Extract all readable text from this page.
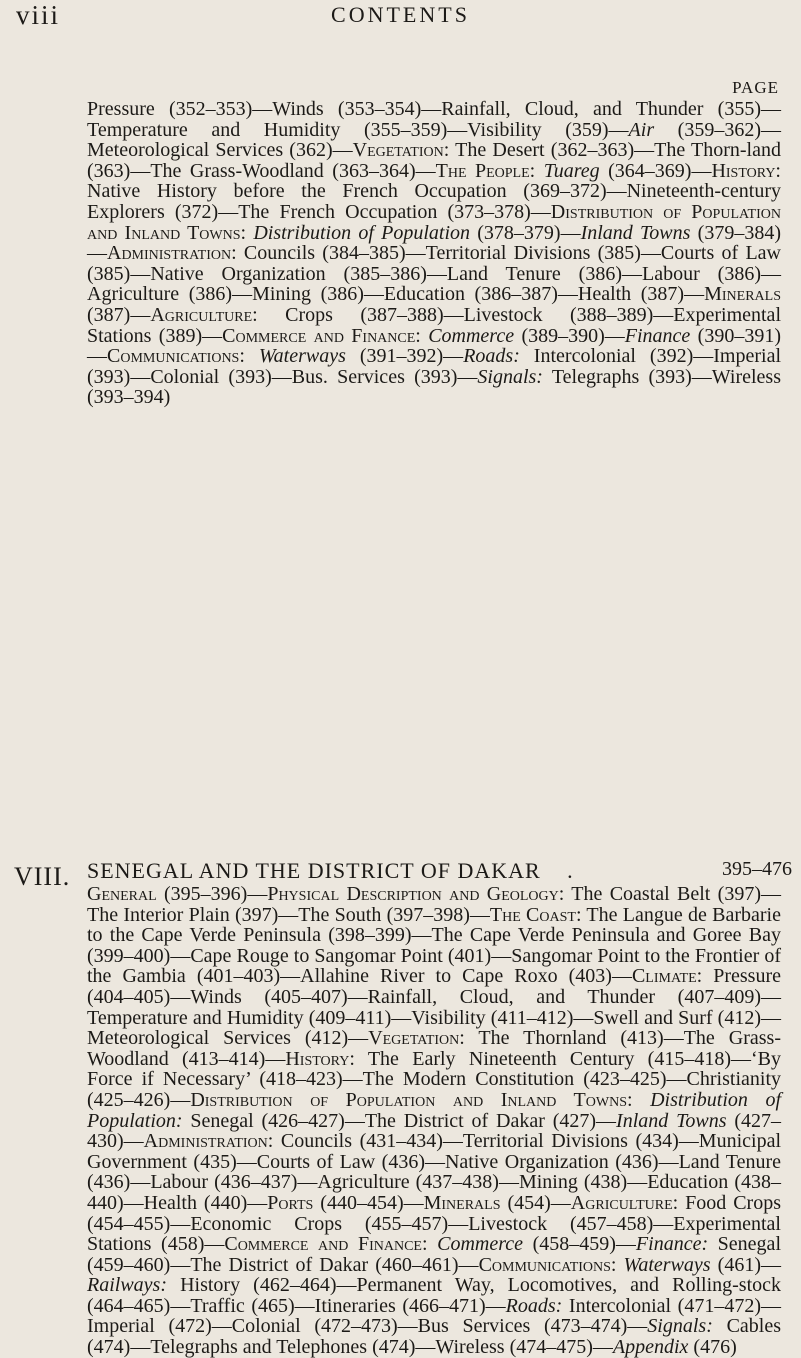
viii	CONTENTS
PAGE
Pressure (352–353)—Winds (353–354)—Rainfall, Cloud, and Thunder (355)—Temperature and Humidity (355–359)—Visibility (359)—Air (359–362)—Meteorological Services (362)—Vegetation: The Desert (362–363)—The Thorn-land (363)—The Grass-Woodland (363–364)—The People: Tuareg (364–369)—History: Native History before the French Occupation (369–372)—Nineteenth-century Explorers (372)—The French Occupation (373–378)—Distribution of Population and Inland Towns: Distribution of Population (378–379)—Inland Towns (379–384)—Administration: Councils (384–385)—Territorial Divisions (385)—Courts of Law (385)—Native Organization (385–386)—Land Tenure (386)—Labour (386)—Agriculture (386)—Mining (386)—Education (386–387)—Health (387)—Minerals (387)—Agriculture: Crops (387–388)—Livestock (388–389)—Experimental Stations (389)—Commerce and Finance: Commerce (389–390)—Finance (390–391)—Communications: Waterways (391–392)—Roads: Intercolonial (392)—Imperial (393)—Colonial (393)—Bus. Services (393)—Signals: Telegraphs (393)—Wireless (393–394)
VIII. SENEGAL AND THE DISTRICT OF DAKAR .	395–476
General (395–396)—Physical Description and Geology: The Coastal Belt (397)—The Interior Plain (397)—The South (397–398)—The Coast: The Langue de Barbarie to the Cape Verde Peninsula (398–399)—The Cape Verde Peninsula and Goree Bay (399–400)—Cape Rouge to Sangomar Point (401)—Sangomar Point to the Frontier of the Gambia (401–403)—Allahine River to Cape Roxo (403)—Climate: Pressure (404–405)—Winds (405–407)—Rainfall, Cloud, and Thunder (407–409)—Temperature and Humidity (409–411)—Visibility (411–412)—Swell and Surf (412)—Meteorological Services (412)—Vegetation: The Thornland (413)—The Grass-Woodland (413–414)—History: The Early Nineteenth Century (415–418)—‘By Force if Necessary’ (418–423)—The Modern Constitution (423–425)—Christianity (425–426)—Distribution of Population and Inland Towns: Distribution of Population: Senegal (426–427)—The District of Dakar (427)—Inland Towns (427–430)—Administration: Councils (431–434)—Territorial Divisions (434)—Municipal Government (435)—Courts of Law (436)—Native Organization (436)—Land Tenure (436)—Labour (436–437)—Agriculture (437–438)—Mining (438)—Education (438–440)—Health (440)—Ports (440–454)—Minerals (454)—Agriculture: Food Crops (454–455)—Economic Crops (455–457)—Livestock (457–458)—Experimental Stations (458)—Commerce and Finance: Commerce (458–459)—Finance: Senegal (459–460)—The District of Dakar (460–461)—Communications: Waterways (461)—Railways: History (462–464)—Permanent Way, Locomotives, and Rolling-stock (464–465)—Traffic (465)—Itineraries (466–471)—Roads: Intercolonial (471–472)—Imperial (472)—Colonial (472–473)—Bus Services (473–474)—Signals: Cables (474)—Telegraphs and Telephones (474)—Wireless (474–475)—Appendix (476)
